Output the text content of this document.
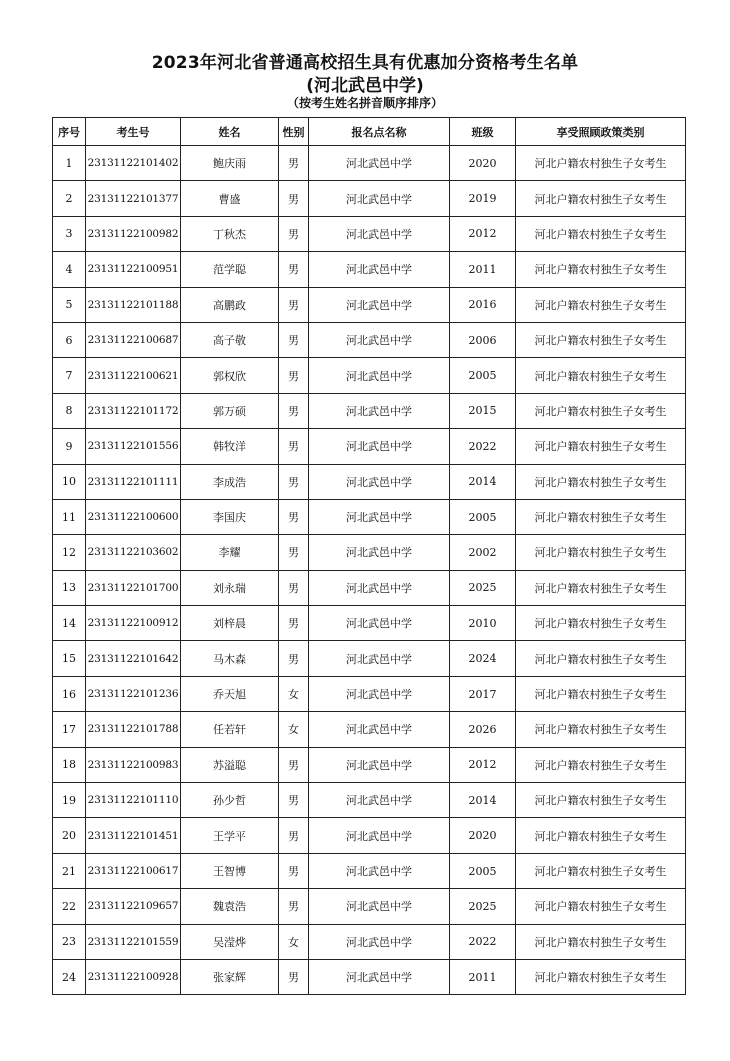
2023年河北省普通高校招生具有优惠加分资格考生名单
(河北武邑中学)
（按考生姓名拼音顺序排序）
序号	考生号	姓名	性别	报名点名称	班级	享受照顾政策类别
1	23131122101402	鲍庆雨	男	河北武邑中学	2020	河北户籍农村独生子女考生
2	23131122101377	曹盛	男	河北武邑中学	2019	河北户籍农村独生子女考生
3	23131122100982	丁秋杰	男	河北武邑中学	2012	河北户籍农村独生子女考生
4	23131122100951	范学聪	男	河北武邑中学	2011	河北户籍农村独生子女考生
5	23131122101188	高鹏政	男	河北武邑中学	2016	河北户籍农村独生子女考生
6	23131122100687	高子敬	男	河北武邑中学	2006	河北户籍农村独生子女考生
7	23131122100621	郭权欣	男	河北武邑中学	2005	河北户籍农村独生子女考生
8	23131122101172	郭万硕	男	河北武邑中学	2015	河北户籍农村独生子女考生
9	23131122101556	韩牧洋	男	河北武邑中学	2022	河北户籍农村独生子女考生
10	23131122101111	李成浩	男	河北武邑中学	2014	河北户籍农村独生子女考生
11	23131122100600	李国庆	男	河北武邑中学	2005	河北户籍农村独生子女考生
12	23131122103602	李耀	男	河北武邑中学	2002	河北户籍农村独生子女考生
13	23131122101700	刘永瑞	男	河北武邑中学	2025	河北户籍农村独生子女考生
14	23131122100912	刘梓晨	男	河北武邑中学	2010	河北户籍农村独生子女考生
15	23131122101642	马木森	男	河北武邑中学	2024	河北户籍农村独生子女考生
16	23131122101236	乔天旭	女	河北武邑中学	2017	河北户籍农村独生子女考生
17	23131122101788	任若轩	女	河北武邑中学	2026	河北户籍农村独生子女考生
18	23131122100983	苏溢聪	男	河北武邑中学	2012	河北户籍农村独生子女考生
19	23131122101110	孙少哲	男	河北武邑中学	2014	河北户籍农村独生子女考生
20	23131122101451	王学平	男	河北武邑中学	2020	河北户籍农村独生子女考生
21	23131122100617	王智博	男	河北武邑中学	2005	河北户籍农村独生子女考生
22	23131122109657	魏袁浩	男	河北武邑中学	2025	河北户籍农村独生子女考生
23	23131122101559	吴滢烨	女	河北武邑中学	2022	河北户籍农村独生子女考生
24	23131122100928	张家辉	男	河北武邑中学	2011	河北户籍农村独生子女考生
